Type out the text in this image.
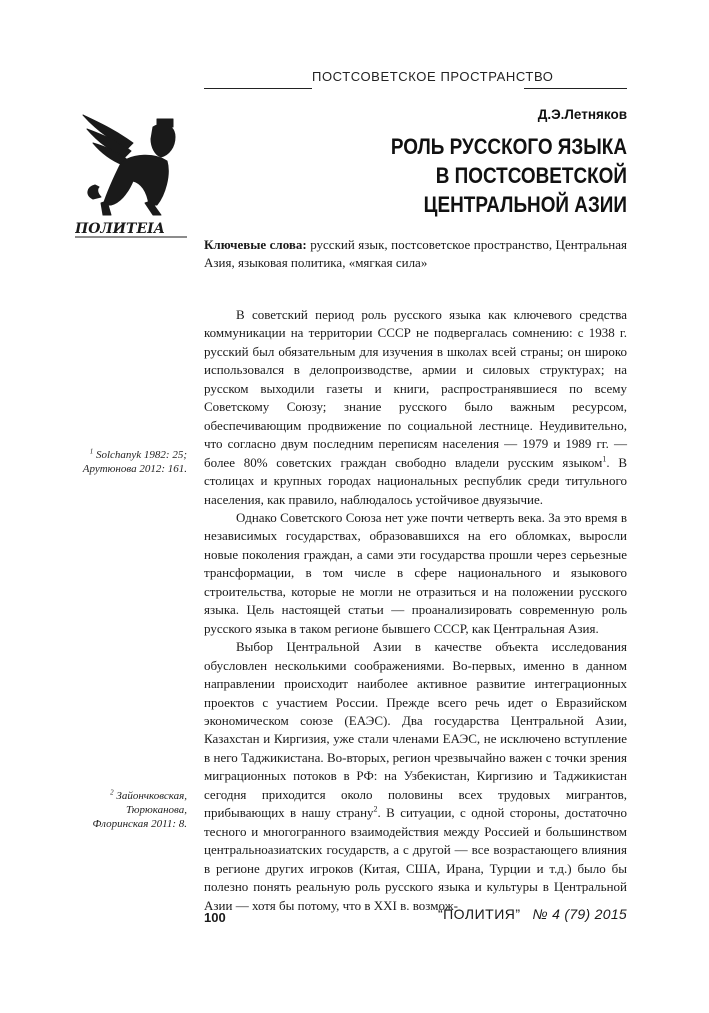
ПОСТСОВЕТСКОЕ ПРОСТРАНСТВО
ПОЛИТЕІА
Д.Э.Летняков
РОЛЬ РУССКОГО ЯЗЫКА
В ПОСТСОВЕТСКОЙ
ЦЕНТРАЛЬНОЙ АЗИИ
Ключевые слова: русский язык, постсоветское пространство, Центральная Азия, языковая политика, «мягкая сила»

В советский период роль русского языка как ключевого средства коммуникации на территории СССР не подвергалась сомнению: с 1938 г. русский был обязательным для изучения в школах всей страны; он широко использовался в делопроизводстве, армии и силовых структурах; на русском выходили газеты и книги, распространявшиеся по всему Советскому Союзу; знание русского было важным ресурсом, обеспечивающим продвижение по социальной лестнице. Неудивительно, что согласно двум последним переписям населения — 1979 и 1989 гг. — более 80% советских граждан свободно владели русским языком$^1$. В столицах и крупных городах национальных республик среди титульного населения, как правило, наблюдалось устойчивое двуязычие.

Однако Советского Союза нет уже почти четверть века. За это время в независимых государствах, образовавшихся на его обломках, выросли новые поколения граждан, а сами эти государства прошли через серьезные трансформации, в том числе в сфере национального и языкового строительства, которые не могли не отразиться и на положении русского языка. Цель настоящей статьи — проанализировать современную роль русского языка в таком регионе бывшего СССР, как Центральная Азия.

Выбор Центральной Азии в качестве объекта исследования обусловлен несколькими соображениями. Во-первых, именно в данном направлении происходит наиболее активное развитие интеграционных проектов с участием России. Прежде всего речь идет о Евразийском экономическом союзе (ЕАЭС). Два государства Центральной Азии, Казахстан и Киргизия, уже стали членами ЕАЭС, не исключено вступление в него Таджикистана. Во-вторых, регион чрезвычайно важен с точки зрения миграционных потоков в РФ: на Узбекистан, Киргизию и Таджикистан сегодня приходится около половины всех трудовых мигрантов, прибывающих в нашу страну$^2$. В ситуации, с одной стороны, достаточно тесного и многогранного взаимодействия между Россией и большинством центральноазиатских государств, а с другой — все возрастающего влияния в регионе других игроков (Китая, США, Ирана, Турции и т.д.) было бы полезно понять реальную роль русского языка и культуры в Центральной Азии — хотя бы потому, что в XXI в. возмож-

$^1$ Solchanyk 1982: 25; Арутюнова 2012: 161.
$^2$ Зайончковская, Тюрюканова, Флоринская 2011: 8.
100	“ПОЛИТИЯ” № 4 (79) 2015
